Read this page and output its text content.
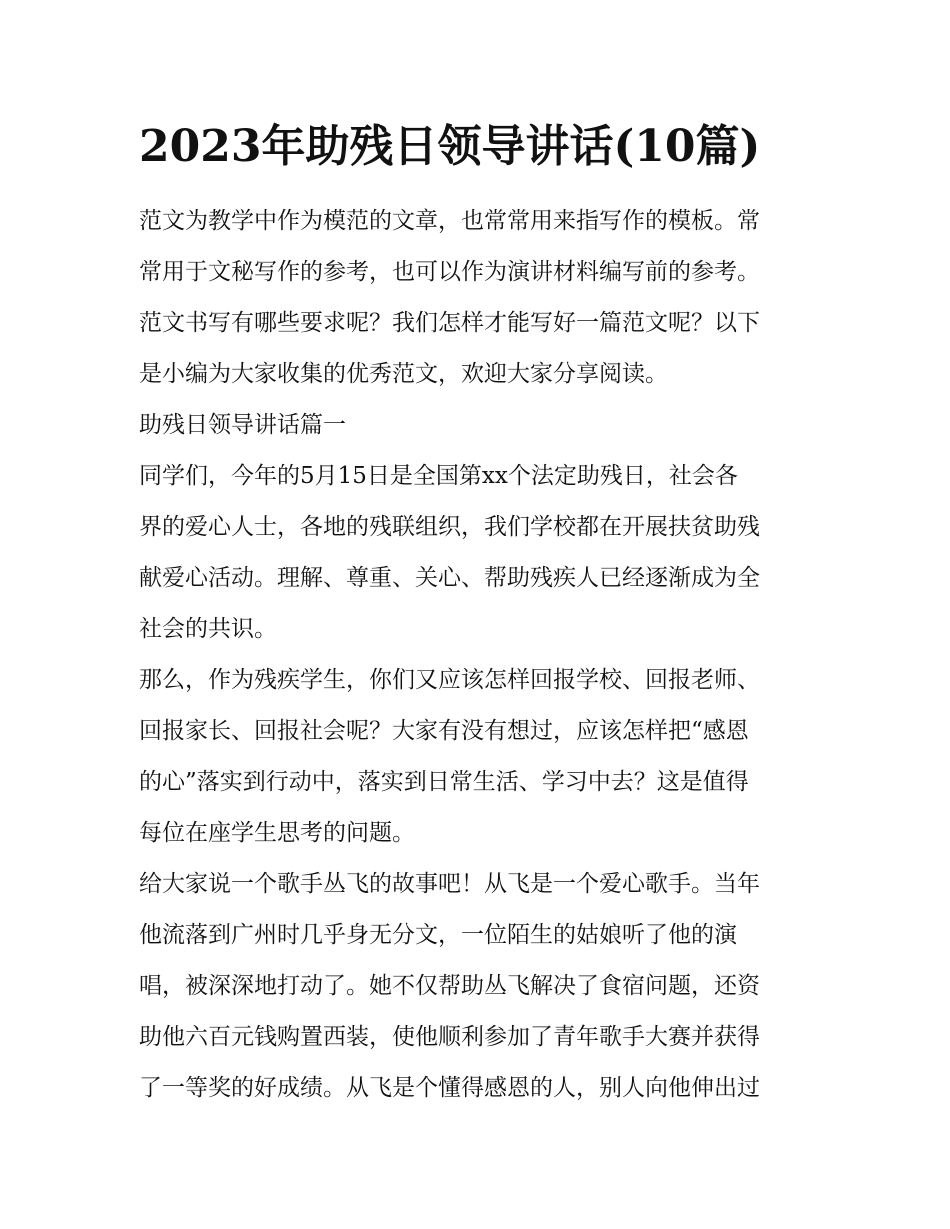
2023年助残日领导讲话(10篇)
范文为教学中作为模范的文章，也常常用来指写作的模板。常
常用于文秘写作的参考，也可以作为演讲材料编写前的参考。
范文书写有哪些要求呢？我们怎样才能写好一篇范文呢？以下
是小编为大家收集的优秀范文，欢迎大家分享阅读。
助残日领导讲话篇一
同学们，今年的5月15日是全国第xx个法定助残日，社会各
界的爱心人士，各地的残联组织，我们学校都在开展扶贫助残
献爱心活动。理解、尊重、关心、帮助残疾人已经逐渐成为全
社会的共识。
那么，作为残疾学生，你们又应该怎样回报学校、回报老师、
回报家长、回报社会呢？大家有没有想过，应该怎样把“感恩
的心”落实到行动中，落实到日常生活、学习中去？这是值得
每位在座学生思考的问题。
给大家说一个歌手丛飞的故事吧！从飞是一个爱心歌手。当年
他流落到广州时几乎身无分文，一位陌生的姑娘听了他的演
唱，被深深地打动了。她不仅帮助丛飞解决了食宿问题，还资
助他六百元钱购置西装，使他顺利参加了青年歌手大赛并获得
了一等奖的好成绩。从飞是个懂得感恩的人，别人向他伸出过
